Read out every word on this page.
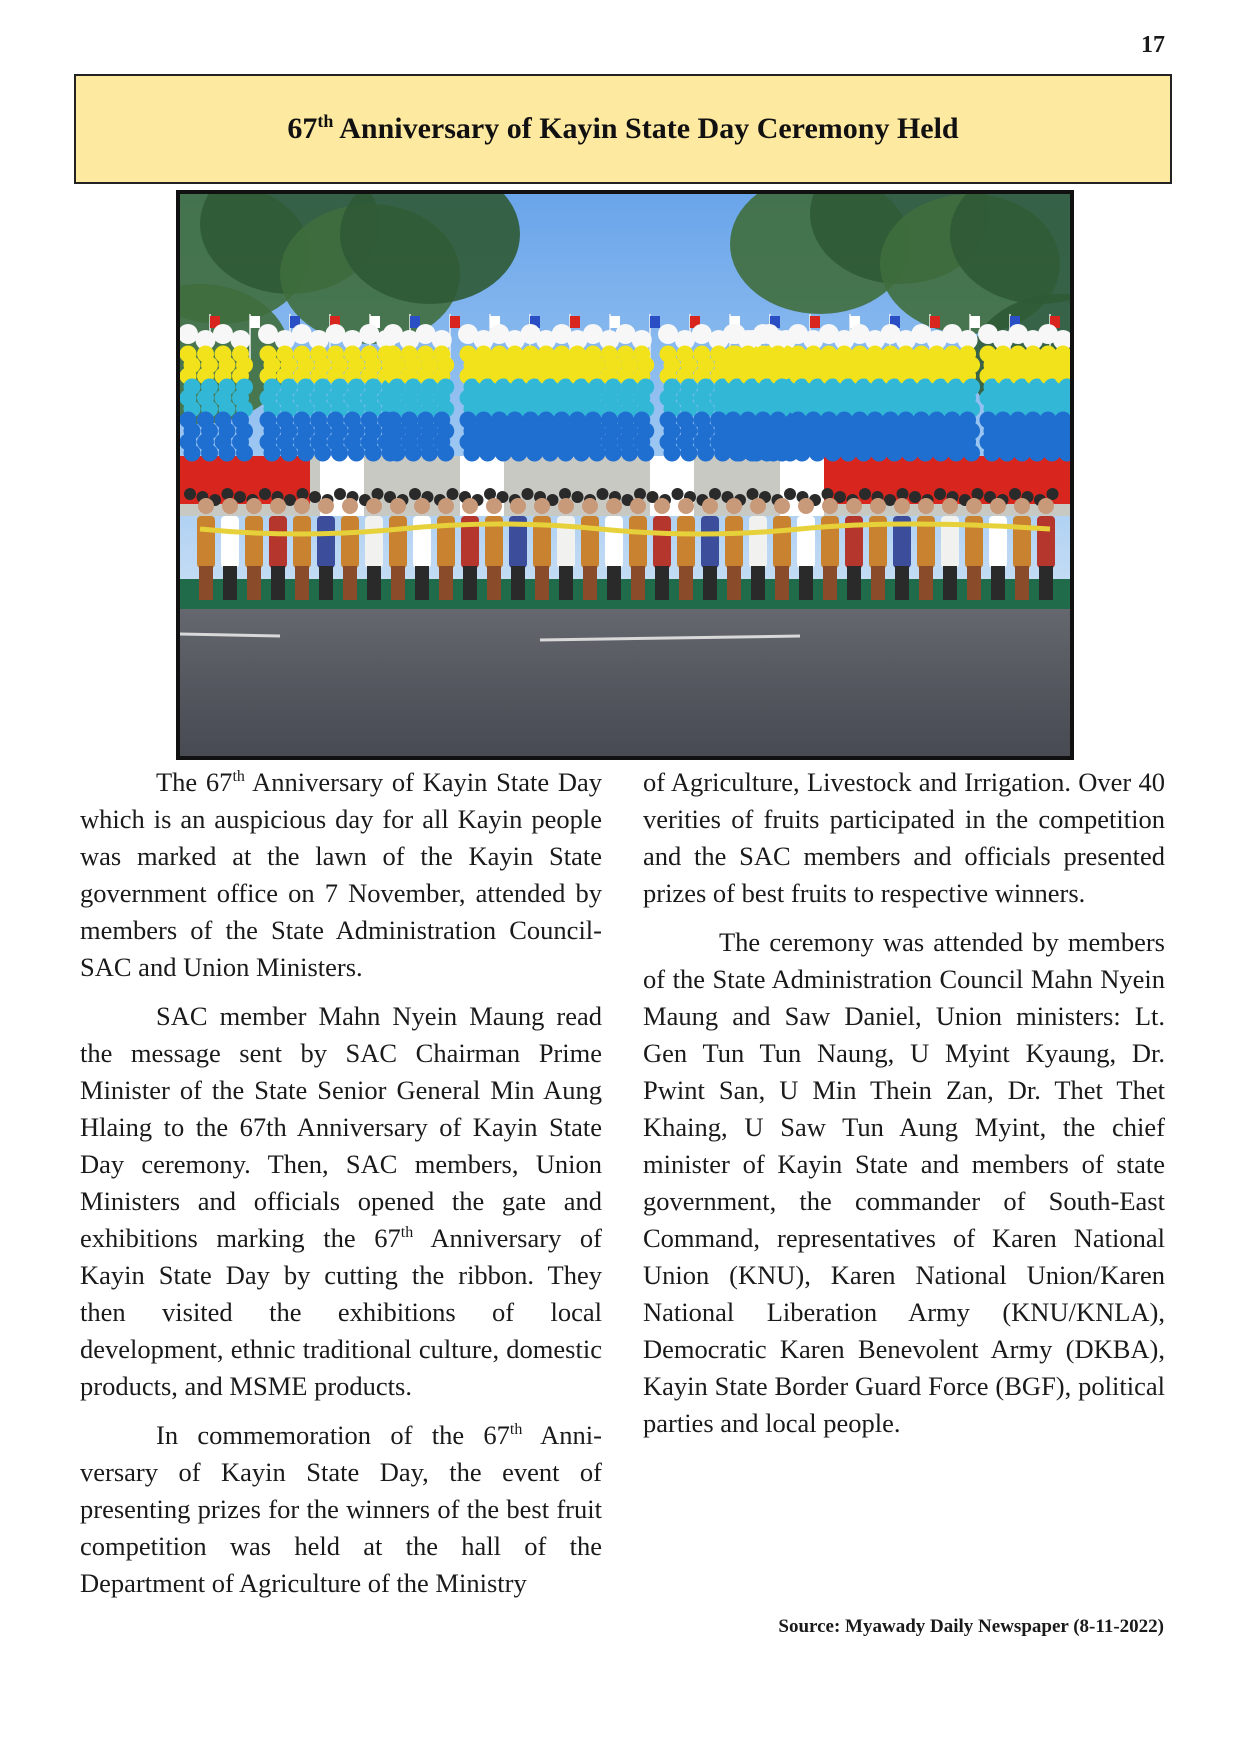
17
67th Anniversary of Kayin State Day Ceremony Held

The 67th Anniversary of Kayin State Day which is an auspicious day for all Kayin people was marked at the lawn of the Kayin State government office on 7 November, attended by members of the State Administration Council-SAC and Union Ministers.

SAC member Mahn Nyein Maung read the message sent by SAC Chairman Prime Minister of the State Senior General Min Aung Hlaing to the 67th Anniversary of Kayin State Day ceremony. Then, SAC members, Union Ministers and officials opened the gate and exhibitions marking the 67th Anniversary of Kayin State Day by cutting the ribbon. They then visited the exhibitions of local development, ethnic traditional culture, domestic products, and MSME products.

In commemoration of the 67th Anniversary of Kayin State Day, the event of presenting prizes for the winners of the best fruit competition was held at the hall of the Department of Agriculture of the Ministry

of Agriculture, Livestock and Irrigation. Over 40 verities of fruits participated in the competition and the SAC members and officials presented prizes of best fruits to respective winners.

The ceremony was attended by members of the State Administration Council Mahn Nyein Maung and Saw Daniel, Union ministers: Lt. Gen Tun Tun Naung, U Myint Kyaung, Dr. Pwint San, U Min Thein Zan, Dr. Thet Thet Khaing, U Saw Tun Aung Myint, the chief minister of Kayin State and members of state government, the commander of South-East Command, representatives of Karen National Union (KNU), Karen National Union/Karen National Liberation Army (KNU/KNLA), Democratic Karen Benevolent Army (DKBA), Kayin State Border Guard Force (BGF), political parties and local people.

Source: Myawady Daily Newspaper (8-11-2022)
